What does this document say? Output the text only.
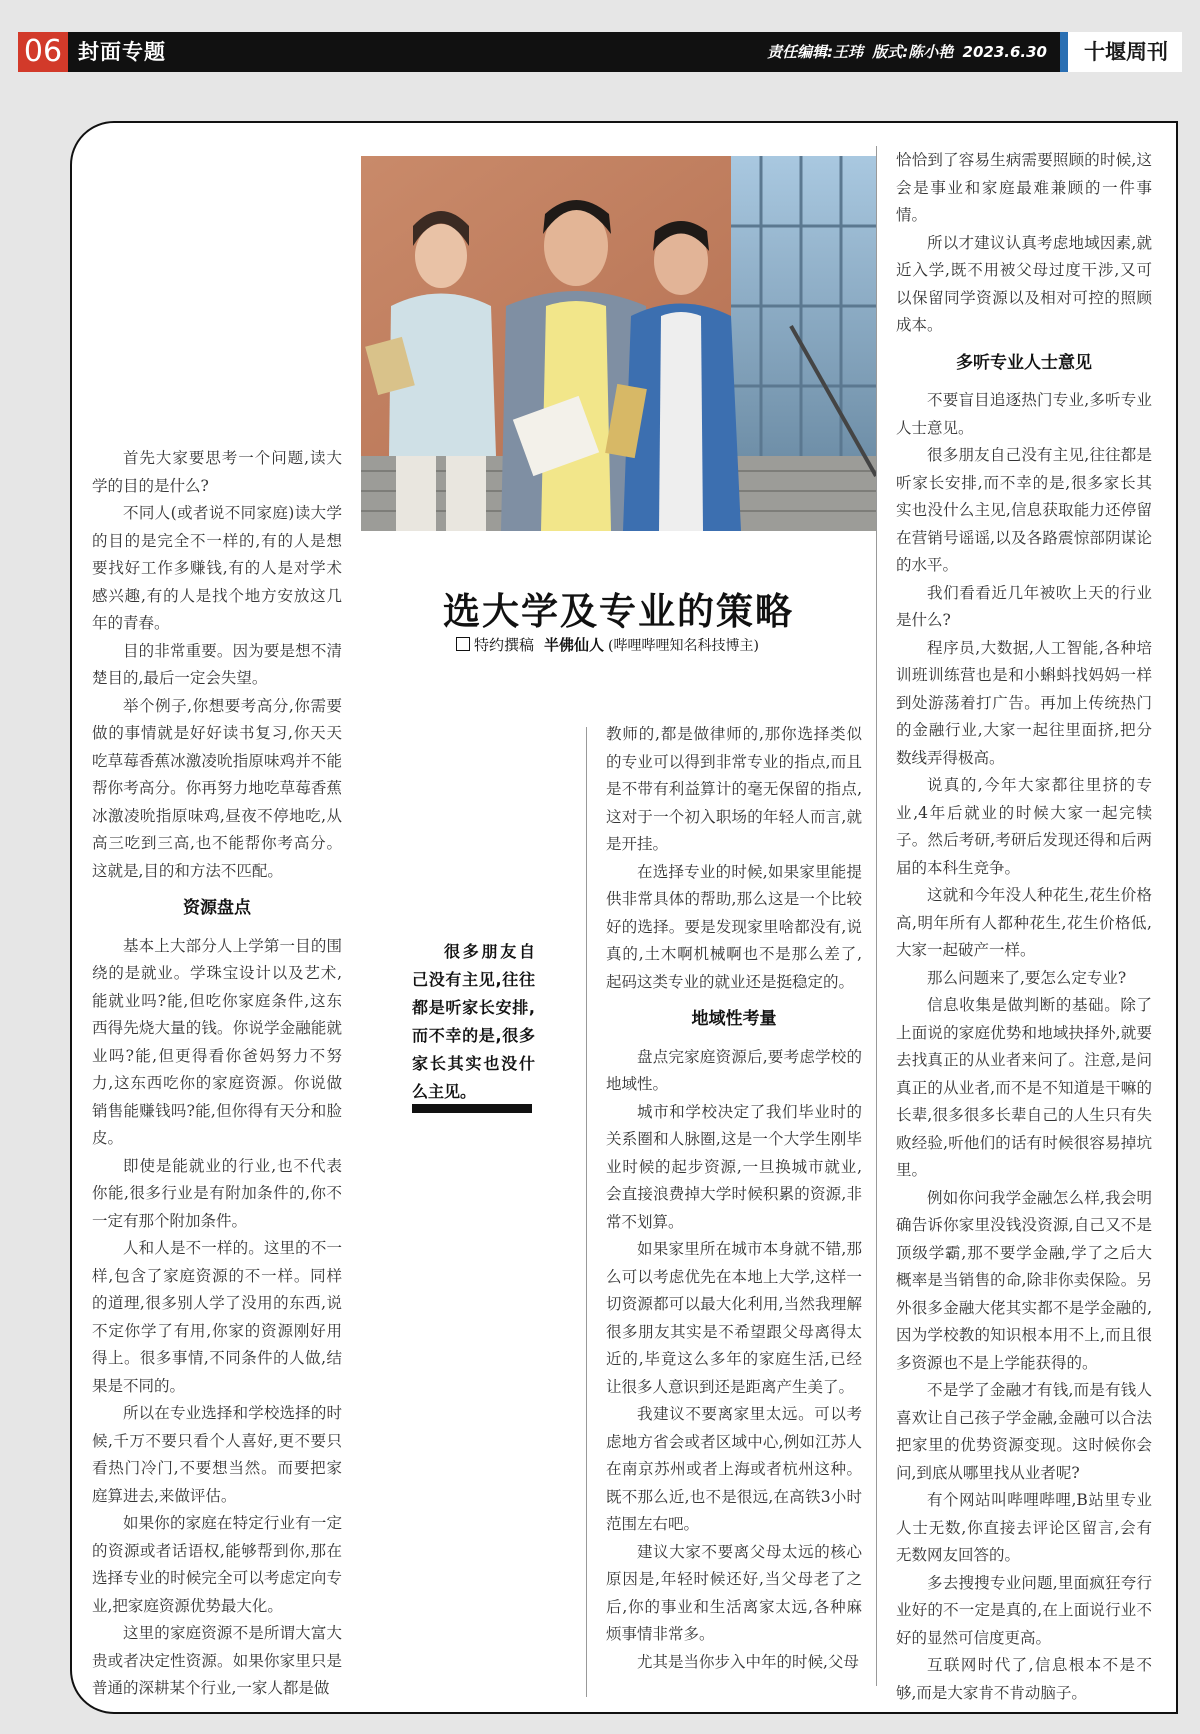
06 封面专题	责任编辑:王玮 版式:陈小艳 2023.6.30	十堰周刊
选大学及专业的策略
特约撰稿 半佛仙人 (哔哩哔哩知名科技博主)

很多朋友自己没有主见,往往都是听家长安排,而不幸的是,很多家长其实也没什么主见。

首先大家要思考一个问题,读大学的目的是什么?

不同人(或者说不同家庭)读大学的目的是完全不一样的,有的人是想要找好工作多赚钱,有的人是对学术感兴趣,有的人是找个地方安放这几年的青春。

目的非常重要。因为要是想不清楚目的,最后一定会失望。

举个例子,你想要考高分,你需要做的事情就是好好读书复习,你天天吃草莓香蕉冰激凌吮指原味鸡并不能帮你考高分。你再努力地吃草莓香蕉冰激凌吮指原味鸡,昼夜不停地吃,从高三吃到三高,也不能帮你考高分。这就是,目的和方法不匹配。

资源盘点

基本上大部分人上学第一目的围绕的是就业。学珠宝设计以及艺术,能就业吗?能,但吃你家庭条件,这东西得先烧大量的钱。你说学金融能就业吗?能,但更得看你爸妈努力不努力,这东西吃你的家庭资源。你说做销售能赚钱吗?能,但你得有天分和脸皮。

即使是能就业的行业,也不代表你能,很多行业是有附加条件的,你不一定有那个附加条件。

人和人是不一样的。这里的不一样,包含了家庭资源的不一样。同样的道理,很多别人学了没用的东西,说不定你学了有用,你家的资源刚好用得上。很多事情,不同条件的人做,结果是不同的。

所以在专业选择和学校选择的时候,千万不要只看个人喜好,更不要只看热门冷门,不要想当然。而要把家庭算进去,来做评估。

如果你的家庭在特定行业有一定的资源或者话语权,能够帮到你,那在选择专业的时候完全可以考虑定向专业,把家庭资源优势最大化。

这里的家庭资源不是所谓大富大贵或者决定性资源。如果你家里只是普通的深耕某个行业,一家人都是做

教师的,都是做律师的,那你选择类似的专业可以得到非常专业的指点,而且是不带有利益算计的毫无保留的指点,这对于一个初入职场的年轻人而言,就是开挂。

在选择专业的时候,如果家里能提供非常具体的帮助,那么这是一个比较好的选择。要是发现家里啥都没有,说真的,土木啊机械啊也不是那么差了,起码这类专业的就业还是挺稳定的。

地域性考量

盘点完家庭资源后,要考虑学校的地域性。

城市和学校决定了我们毕业时的关系圈和人脉圈,这是一个大学生刚毕业时候的起步资源,一旦换城市就业,会直接浪费掉大学时候积累的资源,非常不划算。

如果家里所在城市本身就不错,那么可以考虑优先在本地上大学,这样一切资源都可以最大化利用,当然我理解很多朋友其实是不希望跟父母离得太近的,毕竟这么多年的家庭生活,已经让很多人意识到还是距离产生美了。

我建议不要离家里太远。可以考虑地方省会或者区域中心,例如江苏人在南京苏州或者上海或者杭州这种。既不那么近,也不是很远,在高铁3小时范围左右吧。

建议大家不要离父母太远的核心原因是,年轻时候还好,当父母老了之后,你的事业和生活离家太远,各种麻烦事情非常多。

尤其是当你步入中年的时候,父母

恰恰到了容易生病需要照顾的时候,这会是事业和家庭最难兼顾的一件事情。

所以才建议认真考虑地域因素,就近入学,既不用被父母过度干涉,又可以保留同学资源以及相对可控的照顾成本。

多听专业人士意见

不要盲目追逐热门专业,多听专业人士意见。

很多朋友自己没有主见,往往都是听家长安排,而不幸的是,很多家长其实也没什么主见,信息获取能力还停留在营销号谣谣,以及各路震惊部阴谋论的水平。

我们看看近几年被吹上天的行业是什么?

程序员,大数据,人工智能,各种培训班训练营也是和小蝌蚪找妈妈一样到处游荡着打广告。再加上传统热门的金融行业,大家一起往里面挤,把分数线弄得极高。

说真的,今年大家都往里挤的专业,4年后就业的时候大家一起完犊子。然后考研,考研后发现还得和后两届的本科生竞争。

这就和今年没人种花生,花生价格高,明年所有人都种花生,花生价格低,大家一起破产一样。

那么问题来了,要怎么定专业?

信息收集是做判断的基础。除了上面说的家庭优势和地域抉择外,就要去找真正的从业者来问了。注意,是问真正的从业者,而不是不知道是干嘛的长辈,很多很多长辈自己的人生只有失败经验,听他们的话有时候很容易掉坑里。

例如你问我学金融怎么样,我会明确告诉你家里没钱没资源,自己又不是顶级学霸,那不要学金融,学了之后大概率是当销售的命,除非你卖保险。另外很多金融大佬其实都不是学金融的,因为学校教的知识根本用不上,而且很多资源也不是上学能获得的。

不是学了金融才有钱,而是有钱人喜欢让自己孩子学金融,金融可以合法把家里的优势资源变现。这时候你会问,到底从哪里找从业者呢?

有个网站叫哔哩哔哩,B站里专业人士无数,你直接去评论区留言,会有无数网友回答的。

多去搜搜专业问题,里面疯狂夸行业好的不一定是真的,在上面说行业不好的显然可信度更高。

互联网时代了,信息根本不是不够,而是大家肯不肯动脑子。
